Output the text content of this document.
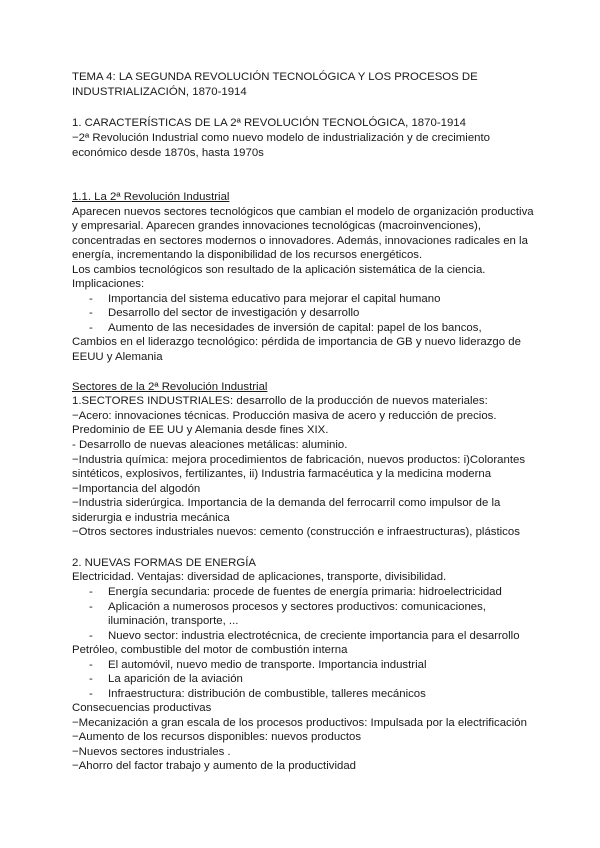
TEMA 4: LA SEGUNDA REVOLUCIÓN TECNOLÓGICA Y LOS PROCESOS DE
INDUSTRIALIZACIÓN, 1870-1914
1. CARACTERÍSTICAS DE LA 2ª REVOLUCIÓN TECNOLÓGICA, 1870-1914
−2ª Revolución Industrial como nuevo modelo de industrialización y de crecimiento
económico desde 1870s, hasta 1970s
1.1. La 2ª Revolución Industrial
Aparecen nuevos sectores tecnológicos que cambian el modelo de organización productiva
y empresarial. Aparecen grandes innovaciones tecnológicas (macroinvenciones),
concentradas en sectores modernos o innovadores. Además, innovaciones radicales en la
energía, incrementando la disponibilidad de los recursos energéticos.
Los cambios tecnológicos son resultado de la aplicación sistemática de la ciencia.
Implicaciones:
- Importancia del sistema educativo para mejorar el capital humano
- Desarrollo del sector de investigación y desarrollo
- Aumento de las necesidades de inversión de capital: papel de los bancos,
Cambios en el liderazgo tecnológico: pérdida de importancia de GB y nuevo liderazgo de
EEUU y Alemania
Sectores de la 2ª Revolución Industrial
1.SECTORES INDUSTRIALES: desarrollo de la producción de nuevos materiales:
−Acero: innovaciones técnicas. Producción masiva de acero y reducción de precios.
Predominio de EE UU y Alemania desde fines XIX.
- Desarrollo de nuevas aleaciones metálicas: aluminio.
−Industria química: mejora procedimientos de fabricación, nuevos productos: i)Colorantes
sintéticos, explosivos, fertilizantes, ii) Industria farmacéutica y la medicina moderna
−Importancia del algodón
−Industria siderúrgica. Importancia de la demanda del ferrocarril como impulsor de la
siderurgia e industria mecánica
−Otros sectores industriales nuevos: cemento (construcción e infraestructuras), plásticos
2. NUEVAS FORMAS DE ENERGÍA
Electricidad. Ventajas: diversidad de aplicaciones, transporte, divisibilidad.
- Energía secundaria: procede de fuentes de energía primaria: hidroelectricidad
- Aplicación a numerosos procesos y sectores productivos: comunicaciones,
iluminación, transporte, ...
- Nuevo sector: industria electrotécnica, de creciente importancia para el desarrollo
Petróleo, combustible del motor de combustión interna
- El automóvil, nuevo medio de transporte. Importancia industrial
- La aparición de la aviación
- Infraestructura: distribución de combustible, talleres mecánicos
Consecuencias productivas
−Mecanización a gran escala de los procesos productivos: Impulsada por la electrificación
−Aumento de los recursos disponibles: nuevos productos
−Nuevos sectores industriales .
−Ahorro del factor trabajo y aumento de la productividad
